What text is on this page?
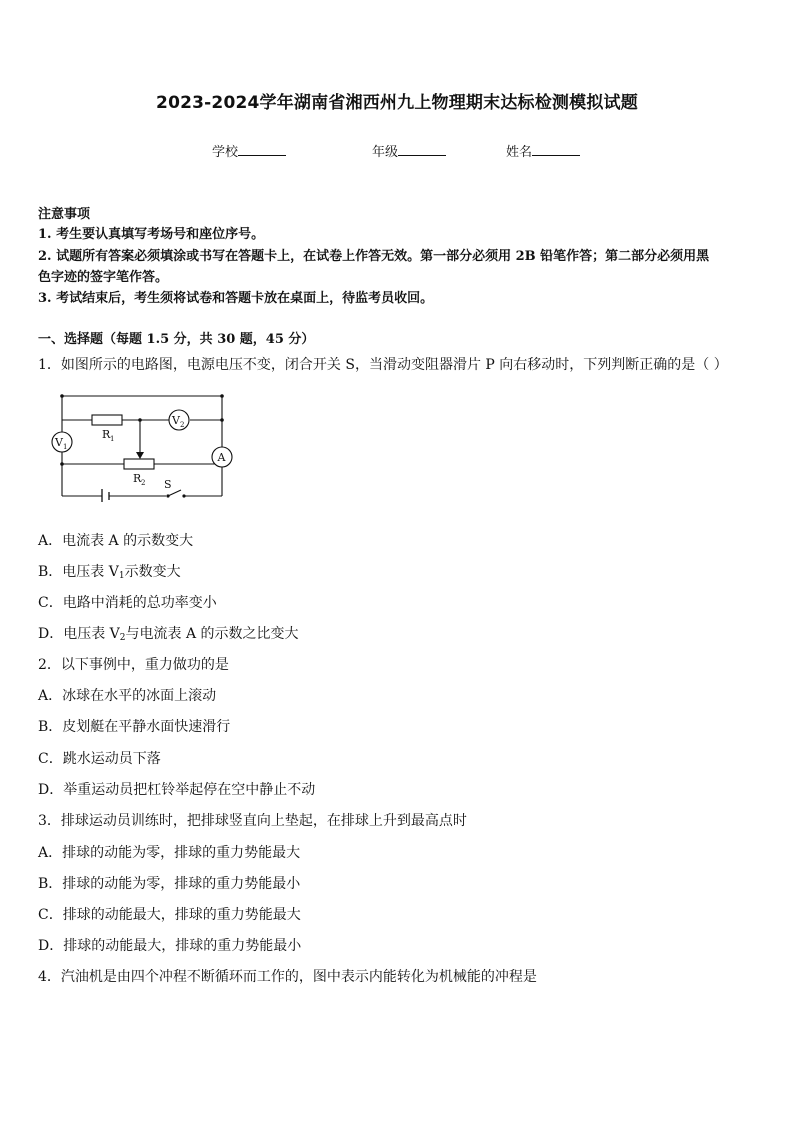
2023-2024学年湖南省湘西州九上物理期末达标检测模拟试题
学校	年级	姓名
注意事项
1. 考生要认真填写考场号和座位序号。
2. 试题所有答案必须填涂或书写在答题卡上，在试卷上作答无效。第一部分必须用 2B 铅笔作答；第二部分必须用黑
色字迹的签字笔作答。
3. 考试结束后，考生须将试卷和答题卡放在桌面上，待监考员收回。
一、选择题（每题 1.5 分，共 30 题，45 分）
1．如图所示的电路图，电源电压不变，闭合开关 S，当滑动变阻器滑片 P 向右移动时，下列判断正确的是（ ）
V 1
V 2
A
R 1
R 2 S
A．电流表 A 的示数变大
B．电压表 $V_1$示数变大
C．电路中消耗的总功率变小
D．电压表 $V_2$与电流表 A 的示数之比变大
2．以下事例中，重力做功的是
A．冰球在水平的冰面上滚动
B．皮划艇在平静水面快速滑行
C．跳水运动员下落
D．举重运动员把杠铃举起停在空中静止不动
3．排球运动员训练时，把排球竖直向上垫起，在排球上升到最高点时
A．排球的动能为零，排球的重力势能最大
B．排球的动能为零，排球的重力势能最小
C．排球的动能最大，排球的重力势能最大
D．排球的动能最大，排球的重力势能最小
4．汽油机是由四个冲程不断循环而工作的，图中表示内能转化为机械能的冲程是
